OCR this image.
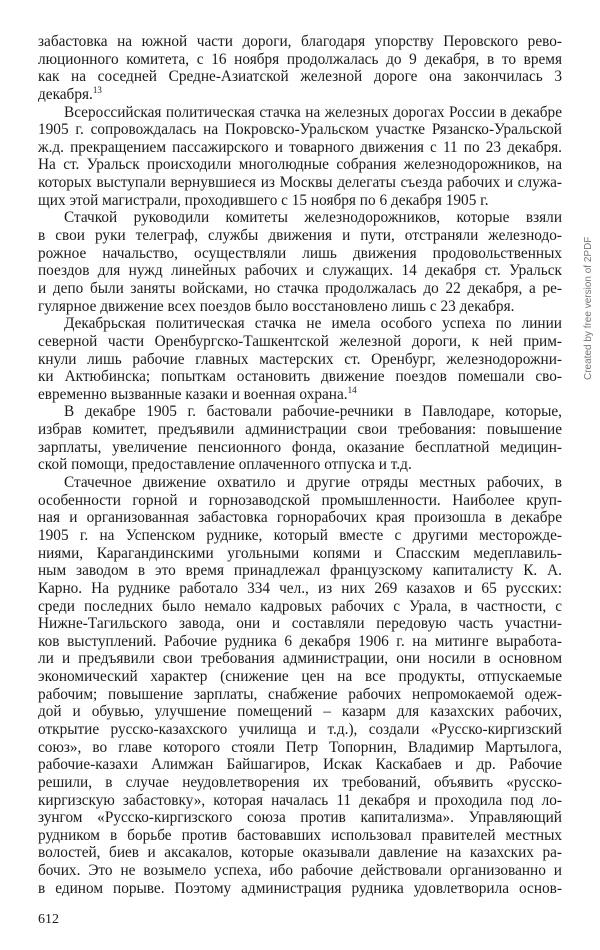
забастовка на южной части дороги, благодаря упорству Перовского рево-
люционного комитета, с 16 ноября продолжалась до 9 декабря, в то время
как на соседней Средне-Азиатской железной дороге она закончилась 3
декабря.$^{13}$
Всероссийская политическая стачка на железных дорогах России в декабре
1905 г. сопровождалась на Покровско-Уральском участке Рязанско-Уральской
ж.д. прекращением пассажирского и товарного движения с 11 по 23 декабря.
На ст. Уральск происходили многолюдные собрания железнодорожников, на
которых выступали вернувшиеся из Москвы делегаты съезда рабочих и служа-
щих этой магистрали, проходившего с 15 ноября по 6 декабря 1905 г.
Стачкой руководили комитеты железнодорожников, которые взяли
в свои руки телеграф, службы движения и пути, отстраняли железнодо-
рожное начальство, осуществляли лишь движения продовольственных
поездов для нужд линейных рабочих и служащих. 14 декабря ст. Уральск
и депо были заняты войсками, но стачка продолжалась до 22 декабря, а ре-
гулярное движение всех поездов было восстановлено лишь с 23 декабря.
Декабрьская политическая стачка не имела особого успеха по линии
северной части Оренбургско-Ташкентской железной дороги, к ней прим-
кнули лишь рабочие главных мастерских ст. Оренбург, железнодорожни-
ки Актюбинска; попыткам остановить движение поездов помешали сво-
евременно вызванные казаки и военная охрана.$^{14}$
В декабре 1905 г. бастовали рабочие-речники в Павлодаре, которые,
избрав комитет, предъявили администрации свои требования: повышение
зарплаты, увеличение пенсионного фонда, оказание бесплатной медицин-
ской помощи, предоставление оплаченного отпуска и т.д.
Стачечное движение охватило и другие отряды местных рабочих, в
особенности горной и горнозаводской промышленности. Наиболее круп-
ная и организованная забастовка горнорабочих края произошла в декабре
1905 г. на Успенском руднике, который вместе с другими месторожде-
ниями, Карагандинскими угольными копями и Спасским медеплавиль-
ным заводом в это время принадлежал французскому капиталисту К. А.
Карно. На руднике работало 334 чел., из них 269 казахов и 65 русских:
среди последних было немало кадровых рабочих с Урала, в частности, с
Нижне-Тагильского завода, они и составляли передовую часть участни-
ков выступлений. Рабочие рудника 6 декабря 1906 г. на митинге выработа-
ли и предъявили свои требования администрации, они носили в основном
экономический характер (снижение цен на все продукты, отпускаемые
рабочим; повышение зарплаты, снабжение рабочих непромокаемой одеж-
дой и обувью, улучшение помещений – казарм для казахских рабочих,
открытие русско-казахского училища и т.д.), создали «Русско-киргизский
союз», во главе которого стояли Петр Топорнин, Владимир Мартылога,
рабочие-казахи Алимжан Байшагиров, Искак Каскабаев и др. Рабочие
решили, в случае неудовлетворения их требований, объявить «русско-
киргизскую забастовку», которая началась 11 декабря и проходила под ло-
зунгом «Русско-киргизского союза против капитализма». Управляющий
рудником в борьбе против бастовавших использовал правителей местных
волостей, биев и аксакалов, которые оказывали давление на казахских ра-
бочих. Это не возымело успеха, ибо рабочие действовали организованно и
в едином порыве. Поэтому администрация рудника удовлетворила основ-
612
Created by free version of 2PDF
